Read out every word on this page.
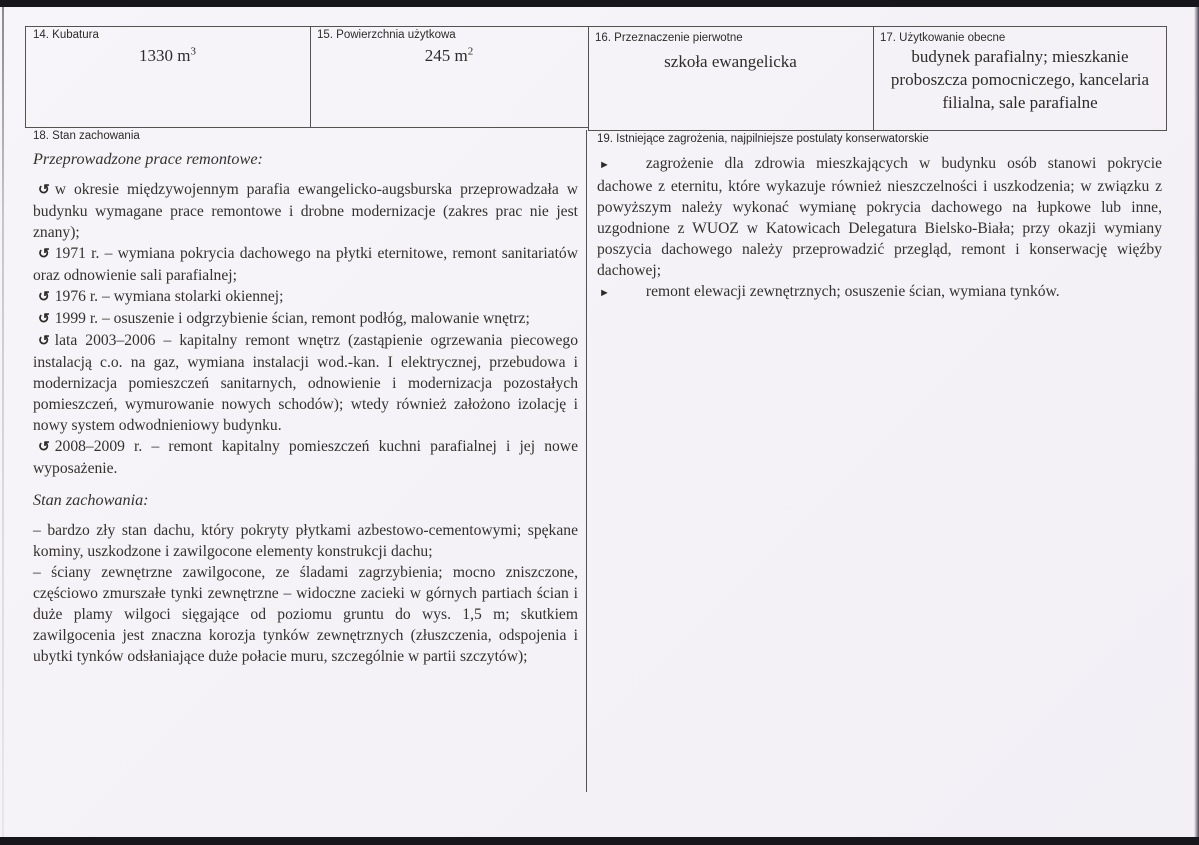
14. Kubatura
1330 $m^3$
15. Powierzchnia użytkowa
245 $m^2$
16. Przeznaczenie pierwotne
szkoła ewangelicka
17. Użytkowanie obecne
budynek parafialny; mieszkanie proboszcza pomocniczego, kancelaria filialna, sale parafialne
18. Stan zachowania
Przeprowadzone prace remontowe:

↺ w okresie międzywojennym parafia ewangelicko-augsburska przeprowadzała w budynku wymagane prace remontowe i drobne modernizacje (zakres prac nie jest znany);

↺ 1971 r. – wymiana pokrycia dachowego na płytki eternitowe, remont sanitariatów oraz odnowienie sali parafialnej;

↺ 1976 r. – wymiana stolarki okiennej;

↺ 1999 r. – osuszenie i odgrzybienie ścian, remont podłóg, malowanie wnętrz;

↺ lata 2003–2006 – kapitalny remont wnętrz (zastąpienie ogrzewania piecowego instalacją c.o. na gaz, wymiana instalacji wod.-kan. I elektrycznej, przebudowa i modernizacja pomieszczeń sanitarnych, odnowienie i modernizacja pozostałych pomieszczeń, wymurowanie nowych schodów); wtedy również założono izolację i nowy system odwodnieniowy budynku.

↺ 2008–2009 r. – remont kapitalny pomieszczeń kuchni parafialnej i jej nowe wyposażenie.

Stan zachowania:

– bardzo zły stan dachu, który pokryty płytkami azbestowo-cementowymi; spękane kominy, uszkodzone i zawilgocone elementy konstrukcji dachu;

– ściany zewnętrzne zawilgocone, ze śladami zagrzybienia; mocno zniszczone, częściowo zmurszałe tynki zewnętrzne – widoczne zacieki w górnych partiach ścian i duże plamy wilgoci sięgające od poziomu gruntu do wys. 1,5 m; skutkiem zawilgocenia jest znaczna korozja tynków zewnętrznych (złuszczenia, odspojenia i ubytki tynków odsłaniające duże połacie muru, szczególnie w partii szczytów);

19. Istniejące zagrożenia, najpilniejsze postulaty konserwatorskie

► zagrożenie dla zdrowia mieszkających w budynku osób stanowi pokrycie dachowe z eternitu, które wykazuje również nieszczelności i uszkodzenia; w związku z powyższym należy wykonać wymianę pokrycia dachowego na łupkowe lub inne, uzgodnione z WUOZ w Katowicach Delegatura Bielsko-Biała; przy okazji wymiany poszycia dachowego należy przeprowadzić przegląd, remont i konserwację więźby dachowej;

► remont elewacji zewnętrznych; osuszenie ścian, wymiana tynków.
